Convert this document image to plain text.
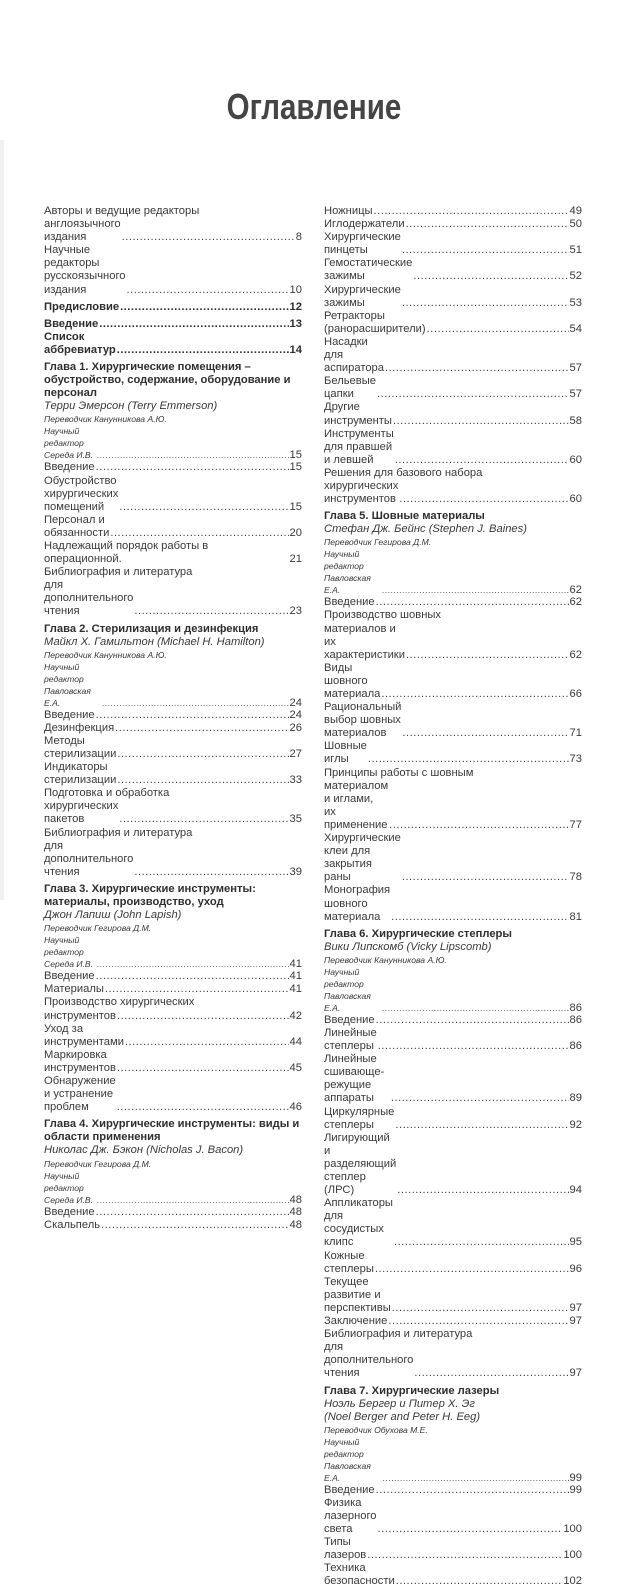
Оглавление
Авторы и ведущие редакторы
англоязычного издания .....	8
Научные редакторы русскоязычного издания .....	10
Предисловие .....	12
Введение .....	13
Список аббревиатур .....	14
Глава 1. Хирургические помещения – обустройство, содержание, оборудование и персонал
Терри Эмерсон (Terry Emmerson)
Переводчик Канунникова А.Ю.
Научный редактор Середа И.В. .....	15
Введение .....	15
Обустройство хирургических помещений .....	15
Персонал и обязанности .....	20
Надлежащий порядок работы в операционной.	21
Библиография и литература
для дополнительного чтения .....	23
Глава 2. Стерилизация и дезинфекция
Майкл Х. Гамильтон (Michael H. Hamilton)
Переводчик Канунникова А.Ю.
Научный редактор Павловская Е.А. .....	24
Введение .....	24
Дезинфекция .....	26
Методы стерилизации .....	27
Индикаторы стерилизации .....	33
Подготовка и обработка
хирургических пакетов .....	35
Библиография и литература
для дополнительного чтения .....	39
Глава 3. Хирургические инструменты: материалы, производство, уход
Джон Лапиш (John Lapish)
Переводчик Гегирова Д.М.
Научный редактор Середа И.В. .....	41
Введение .....	41
Материалы .....	41
Производство хирургических
инструментов .....	42
Уход за инструментами .....	44
Маркировка инструментов .....	45
Обнаружение и устранение проблем .....	46
Глава 4. Хирургические инструменты: виды и области применения
Николас Дж. Бэкон (Nicholas J. Bacon)
Переводчик Гегирова Д.М.
Научный редактор Середа И.В. .....	48
Введение .....	48
Скальпель .....	48
Ножницы .....	49
Иглодержатели .....	50
Хирургические пинцеты .....	51
Гемостатические зажимы .....	52
Хирургические зажимы .....	53
Ретракторы (ранорасширители) .....	54
Насадки для аспиратора .....	57
Бельевые цапки .....	57
Другие инструменты .....	58
Инструменты для правшей и левшей .....	60
Решения для базового набора
хирургических инструментов .....	60
Глава 5. Шовные материалы
Стефан Дж. Бейнс (Stephen J. Baines)
Переводчик Гегирова Д.М.
Научный редактор Павловская Е.А. .....	62
Введение .....	62
Производство шовных
материалов и их характеристики .....	62
Виды шовного материала .....	66
Рациональный выбор шовных материалов .....	71
Шовные иглы .....	73
Принципы работы с шовным
материалом и иглами, их применение .....	77
Хирургические клеи для закрытия раны .....	78
Монография шовного материала .....	81
Глава 6. Хирургические степлеры
Вики Липскомб (Vicky Lipscomb)
Переводчик Канунникова А.Ю.
Научный редактор Павловская Е.А. .....	86
Введение .....	86
Линейные степлеры .....	86
Линейные сшивающе-режущие аппараты .....	89
Циркулярные степлеры .....	92
Лигирующий и разделяющий степлер (ЛРС) .....	94
Аппликаторы для сосудистых клипс .....	95
Кожные степлеры .....	96
Текущее развитие и перспективы .....	97
Заключение .....	97
Библиография и литература
для дополнительного чтения .....	97
Глава 7. Хирургические лазеры
Ноэль Бергер и Питер Х. Эг
(Noel Berger and Peter H. Eeg)
Переводчик Обухова М.Е.
Научный редактор Павловская Е.А. .....	99
Введение .....	99
Физика лазерного света .....	100
Типы лазеров .....	100
Техника безопасности .....	102
